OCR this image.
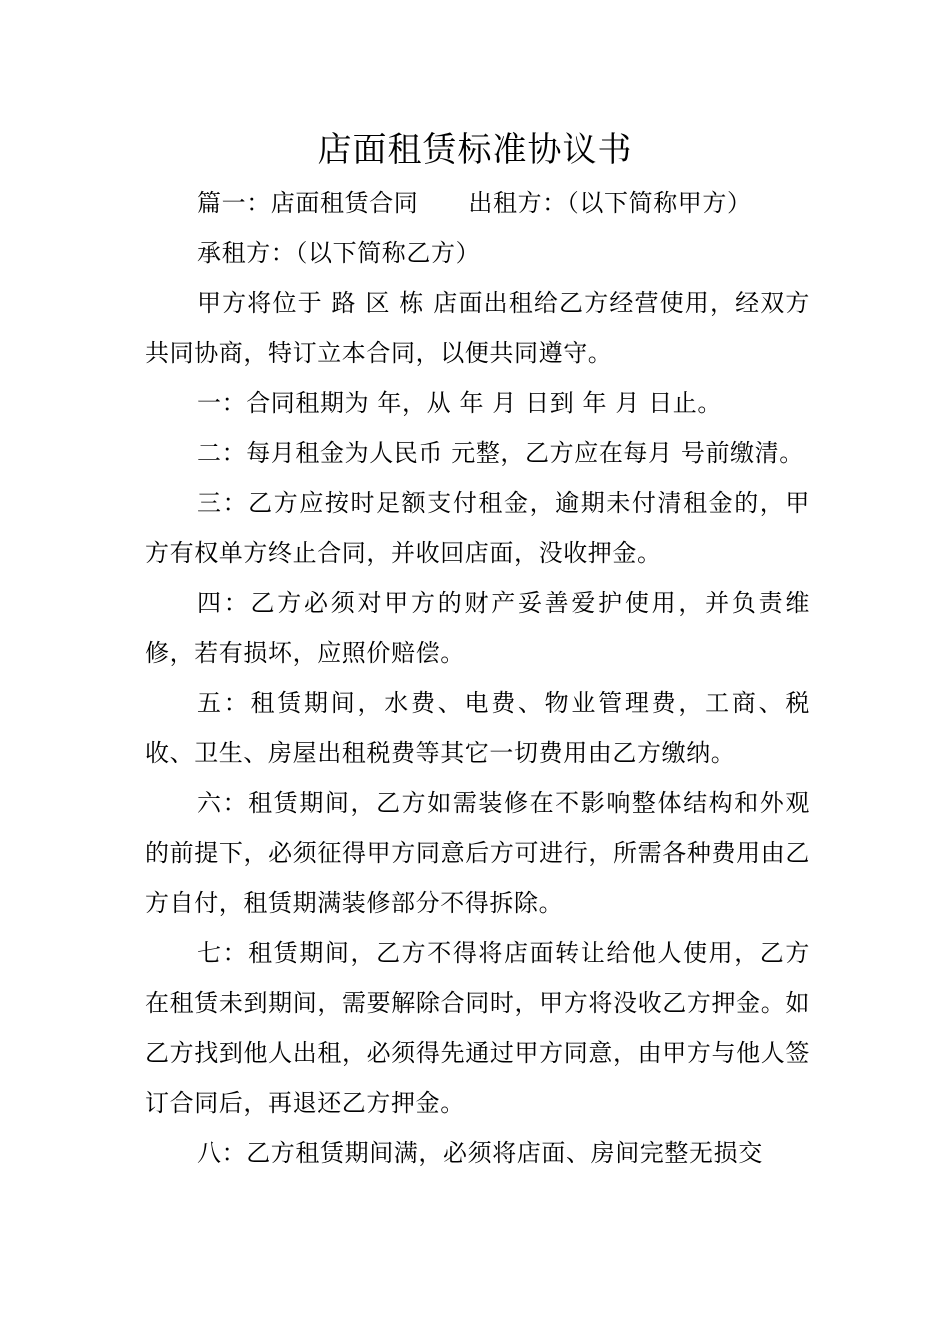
店面租赁标准协议书

篇一：店面租赁合同 出租方：（以下简称甲方）

承租方：（以下简称乙方）

甲方将位于 路 区 栋 店面出租给乙方经营使用，经双方共同协商，特订立本合同，以便共同遵守。

一：合同租期为 年，从 年 月 日到 年 月 日止。

二：每月租金为人民币 元整，乙方应在每月 号前缴清。

三：乙方应按时足额支付租金，逾期未付清租金的，甲方有权单方终止合同，并收回店面，没收押金。

四：乙方必须对甲方的财产妥善爱护使用，并负责维修，若有损坏，应照价赔偿。

五：租赁期间，水费、电费、物业管理费，工商、税收、卫生、房屋出租税费等其它一切费用由乙方缴纳。

六：租赁期间，乙方如需装修在不影响整体结构和外观的前提下，必须征得甲方同意后方可进行，所需各种费用由乙方自付，租赁期满装修部分不得拆除。

七：租赁期间，乙方不得将店面转让给他人使用，乙方在租赁未到期间，需要解除合同时，甲方将没收乙方押金。如乙方找到他人出租，必须得先通过甲方同意，由甲方与他人签订合同后，再退还乙方押金。

八：乙方租赁期间满，必须将店面、房间完整无损交
